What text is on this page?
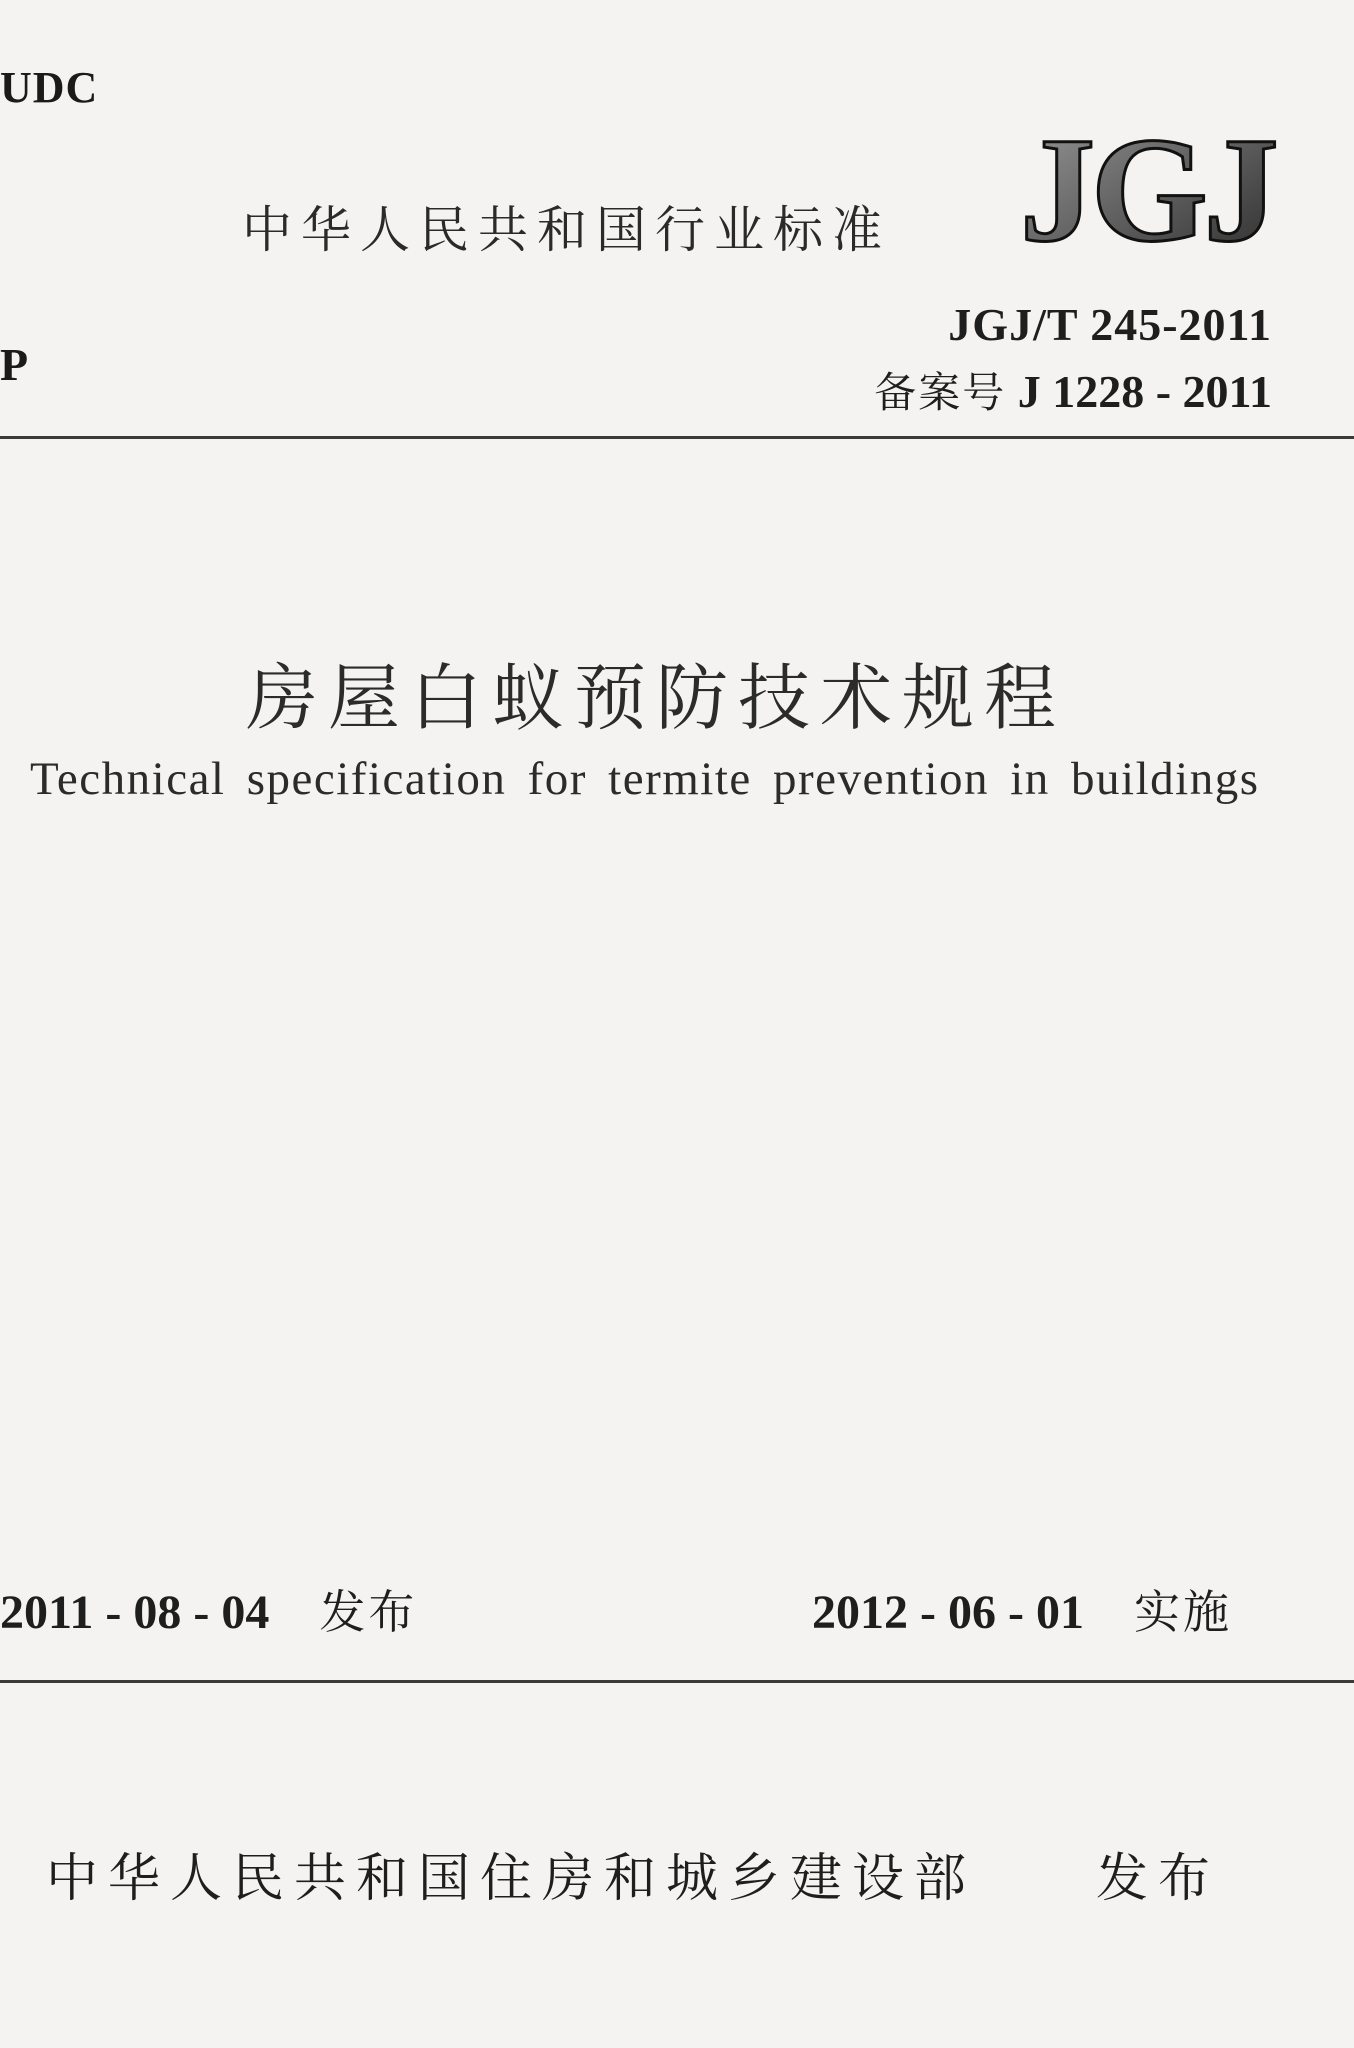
UDC
中华人民共和国行业标准 JGJ
P
JGJ/T 245-2011
备案号 J 1228 - 2011
房屋白蚁预防技术规程
Technical specification for termite prevention in buildings
2011 - 08 - 04 发布	2012 - 06 - 01 实施
中华人民共和国住房和城乡建设部 发布
